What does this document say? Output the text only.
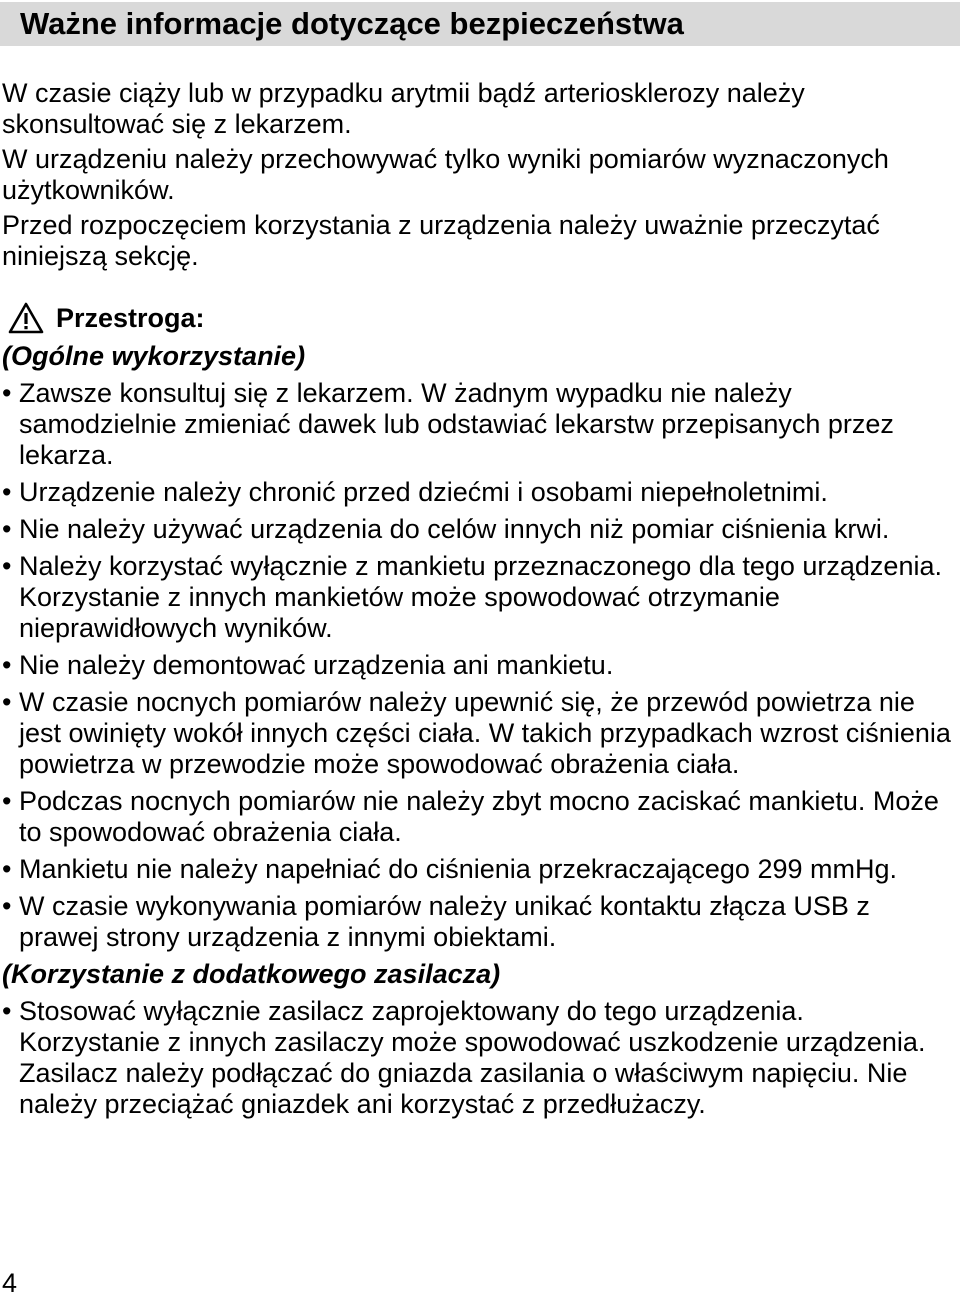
Ważne informacje dotyczące bezpieczeństwa

W czasie ciąży lub w przypadku arytmii bądź arteriosklerozy należy skonsultować się z lekarzem.

W urządzeniu należy przechowywać tylko wyniki pomiarów wyznaczonych użytkowników.

Przed rozpoczęciem korzystania z urządzenia należy uważnie przeczytać niniejszą sekcję.

Przestroga:
(Ogólne wykorzystanie)
• Zawsze konsultuj się z lekarzem. W żadnym wypadku nie należy samodzielnie zmieniać dawek lub odstawiać lekarstw przepisanych przez lekarza.
• Urządzenie należy chronić przed dziećmi i osobami niepełnoletnimi.
• Nie należy używać urządzenia do celów innych niż pomiar ciśnienia krwi.
• Należy korzystać wyłącznie z mankietu przeznaczonego dla tego urządzenia. Korzystanie z innych mankietów może spowodować otrzymanie nieprawidłowych wyników.
• Nie należy demontować urządzenia ani mankietu.
• W czasie nocnych pomiarów należy upewnić się, że przewód powietrza nie jest owinięty wokół innych części ciała. W takich przypadkach wzrost ciśnienia powietrza w przewodzie może spowodować obrażenia ciała.
• Podczas nocnych pomiarów nie należy zbyt mocno zaciskać mankietu. Może to spowodować obrażenia ciała.
• Mankietu nie należy napełniać do ciśnienia przekraczającego 299 mmHg.
• W czasie wykonywania pomiarów należy unikać kontaktu złącza USB z prawej strony urządzenia z innymi obiektami.
(Korzystanie z dodatkowego zasilacza)
• Stosować wyłącznie zasilacz zaprojektowany do tego urządzenia. Korzystanie z innych zasilaczy może spowodować uszkodzenie urządzenia. Zasilacz należy podłączać do gniazda zasilania o właściwym napięciu. Nie należy przeciążać gniazdek ani korzystać z przedłużaczy.
4
